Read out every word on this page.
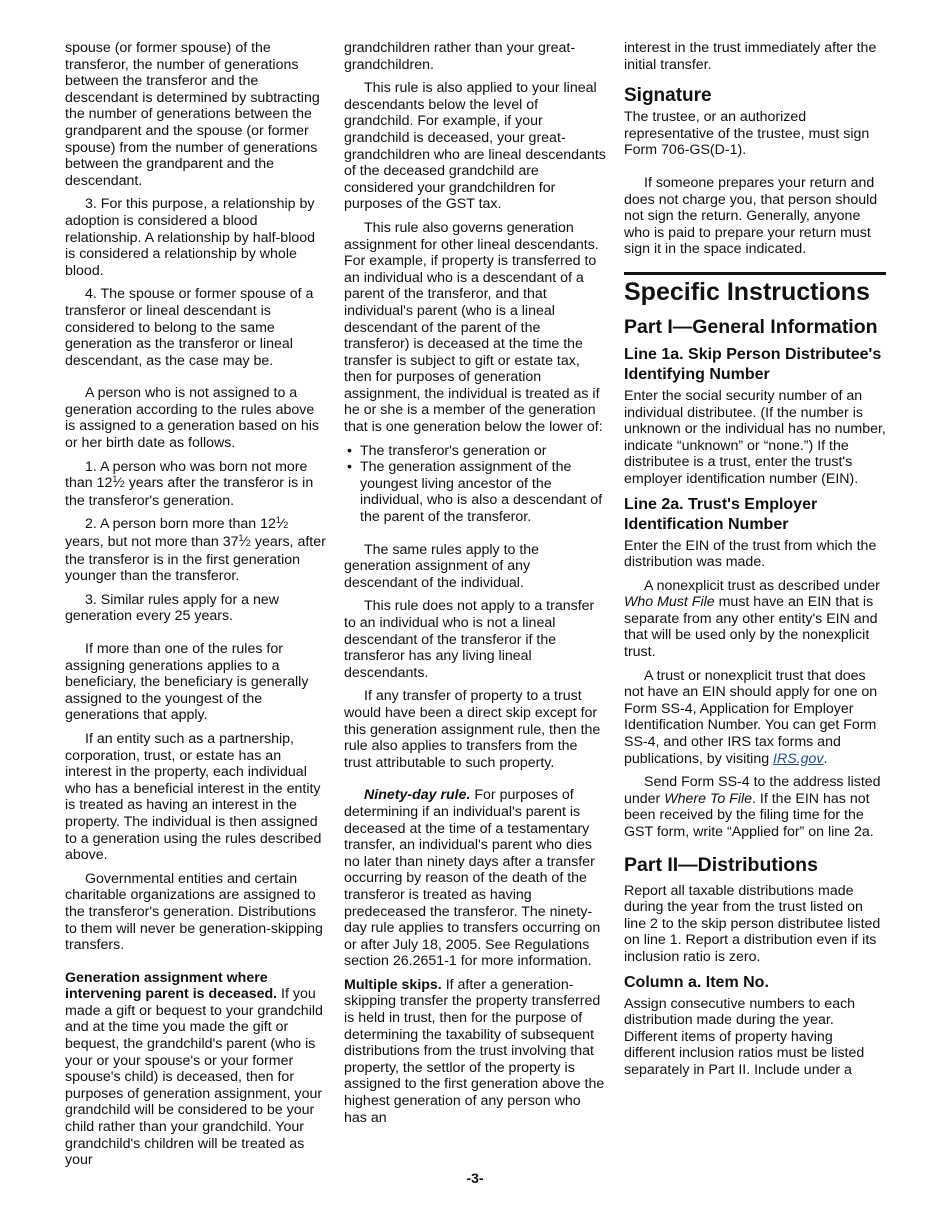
spouse (or former spouse) of the transferor, the number of generations between the transferor and the descendant is determined by subtracting the number of generations between the grandparent and the spouse (or former spouse) from the number of generations between the grandparent and the descendant.

3. For this purpose, a relationship by adoption is considered a blood relationship. A relationship by half-blood is considered a relationship by whole blood.

4. The spouse or former spouse of a transferor or lineal descendant is considered to belong to the same generation as the transferor or lineal descendant, as the case may be.

A person who is not assigned to a generation according to the rules above is assigned to a generation based on his or her birth date as follows.

1. A person who was born not more than $12^1⁄2$ years after the transferor is in the transferor's generation.

2. A person born more than $12^1⁄2$ years, but not more than $37^1⁄2$ years, after the transferor is in the first generation younger than the transferor.

3. Similar rules apply for a new generation every 25 years.

If more than one of the rules for assigning generations applies to a beneficiary, the beneficiary is generally assigned to the youngest of the generations that apply.

If an entity such as a partnership, corporation, trust, or estate has an interest in the property, each individual who has a beneficial interest in the entity is treated as having an interest in the property. The individual is then assigned to a generation using the rules described above.

Governmental entities and certain charitable organizations are assigned to the transferor's generation. Distributions to them will never be generation-skipping transfers.

Generation assignment where intervening parent is deceased. If you made a gift or bequest to your grandchild and at the time you made the gift or bequest, the grandchild's parent (who is your or your spouse's or your former spouse's child) is deceased, then for purposes of generation assignment, your grandchild will be considered to be your child rather than your grandchild. Your grandchild's children will be treated as your

grandchildren rather than your great-grandchildren.

This rule is also applied to your lineal descendants below the level of grandchild. For example, if your grandchild is deceased, your great-grandchildren who are lineal descendants of the deceased grandchild are considered your grandchildren for purposes of the GST tax.

This rule also governs generation assignment for other lineal descendants. For example, if property is transferred to an individual who is a descendant of a parent of the transferor, and that individual's parent (who is a lineal descendant of the parent of the transferor) is deceased at the time the transfer is subject to gift or estate tax, then for purposes of generation assignment, the individual is treated as if he or she is a member of the generation that is one generation below the lower of:

• The transferor's generation or
• The generation assignment of the youngest living ancestor of the individual, who is also a descendant of the parent of the transferor.

The same rules apply to the generation assignment of any descendant of the individual.

This rule does not apply to a transfer to an individual who is not a lineal descendant of the transferor if the transferor has any living lineal descendants.

If any transfer of property to a trust would have been a direct skip except for this generation assignment rule, then the rule also applies to transfers from the trust attributable to such property.

Ninety-day rule. For purposes of determining if an individual's parent is deceased at the time of a testamentary transfer, an individual's parent who dies no later than ninety days after a transfer occurring by reason of the death of the transferor is treated as having predeceased the transferor. The ninety-day rule applies to transfers occurring on or after July 18, 2005. See Regulations section 26.2651-1 for more information.

Multiple skips. If after a generation-skipping transfer the property transferred is held in trust, then for the purpose of determining the taxability of subsequent distributions from the trust involving that property, the settlor of the property is assigned to the first generation above the highest generation of any person who has an

interest in the trust immediately after the initial transfer.

Signature

The trustee, or an authorized representative of the trustee, must sign Form 706-GS(D-1).

If someone prepares your return and does not charge you, that person should not sign the return. Generally, anyone who is paid to prepare your return must sign it in the space indicated.

Specific Instructions
Part I—General Information
Line 1a. Skip Person Distributee's Identifying Number

Enter the social security number of an individual distributee. (If the number is unknown or the individual has no number, indicate “unknown” or “none.”) If the distributee is a trust, enter the trust's employer identification number (EIN).

Line 2a. Trust's Employer Identification Number

Enter the EIN of the trust from which the distribution was made.

A nonexplicit trust as described under Who Must File must have an EIN that is separate from any other entity's EIN and that will be used only by the nonexplicit trust.

A trust or nonexplicit trust that does not have an EIN should apply for one on Form SS-4, Application for Employer Identification Number. You can get Form SS-4, and other IRS tax forms and publications, by visiting IRS.gov.

Send Form SS-4 to the address listed under Where To File. If the EIN has not been received by the filing time for the GST form, write “Applied for” on line 2a.

Part II—Distributions

Report all taxable distributions made during the year from the trust listed on line 2 to the skip person distributee listed on line 1. Report a distribution even if its inclusion ratio is zero.

Column a. Item No.

Assign consecutive numbers to each distribution made during the year. Different items of property having different inclusion ratios must be listed separately in Part II. Include under a

-3-
